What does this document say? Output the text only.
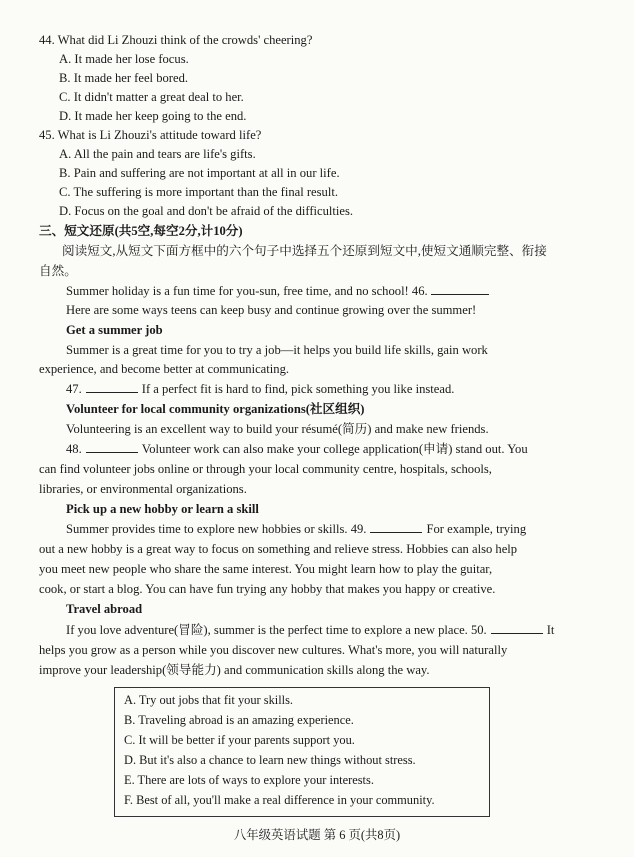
44. What did Li Zhouzi think of the crowds' cheering?
A. It made her lose focus.
B. It made her feel bored.
C. It didn't matter a great deal to her.
D. It made her keep going to the end.
45. What is Li Zhouzi's attitude toward life?
A. All the pain and tears are life's gifts.
B. Pain and suffering are not important at all in our life.
C. The suffering is more important than the final result.
D. Focus on the goal and don't be afraid of the difficulties.
三、短文还原(共5空,每空2分,计10分)
阅读短文,从短文下面方框中的六个句子中选择五个还原到短文中,使短文通顺完整、衔接
自然。
Summer holiday is a fun time for you-sun, free time, and no school! 46.
Here are some ways teens can keep busy and continue growing over the summer!
Get a summer job
Summer is a great time for you to try a job—it helps you build life skills, gain work
experience, and become better at communicating.
47.	If a perfect fit is hard to find, pick something you like instead.
Volunteer for local community organizations(社区组织)
Volunteering is an excellent way to build your résumé(简历) and make new friends.
48.	Volunteer work can also make your college application(申请) stand out. You
can find volunteer jobs online or through your local community centre, hospitals, schools,
libraries, or environmental organizations.
Pick up a new hobby or learn a skill
Summer provides time to explore new hobbies or skills. 49.	For example, trying
out a new hobby is a great way to focus on something and relieve stress. Hobbies can also help
you meet new people who share the same interest. You might learn how to play the guitar,
cook, or start a blog. You can have fun trying any hobby that makes you happy or creative.
Travel abroad
If you love adventure(冒险), summer is the perfect time to explore a new place. 50.	It
helps you grow as a person while you discover new cultures. What's more, you will naturally
improve your leadership(领导能力) and communication skills along the way.
A. Try out jobs that fit your skills.
B. Traveling abroad is an amazing experience.
C. It will be better if your parents support you.
D. But it's also a chance to learn new things without stress.
E. There are lots of ways to explore your interests.
F. Best of all, you'll make a real difference in your community.
八年级英语试题 第 6 页(共8页)
